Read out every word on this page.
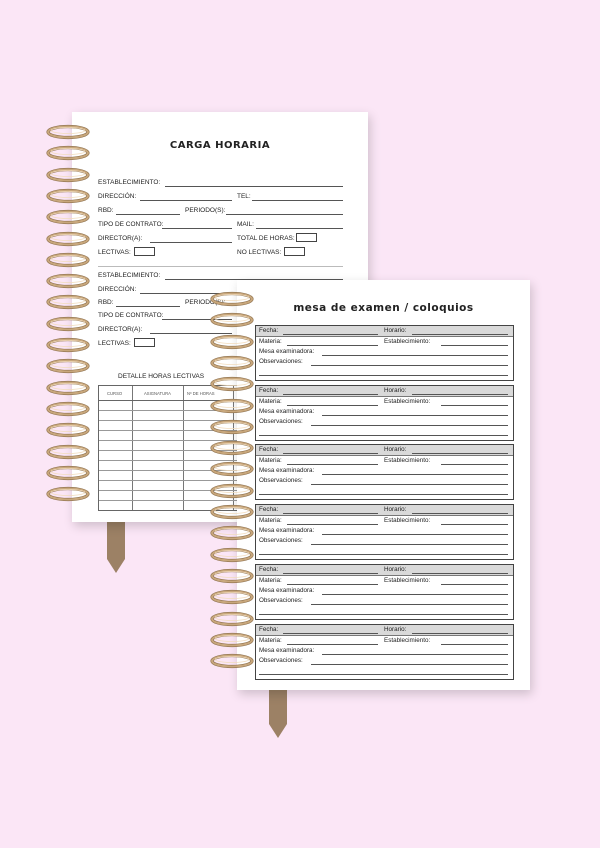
CARGA HORARIA
ESTABLECIMIENTO:
DIRECCIÓN:	TEL:
RBD:	PERIODO(S):
TIPO DE CONTRATO:	MAIL:
DIRECTOR(A):	TOTAL DE HORAS:
LECTIVAS:	NO LECTIVAS:
ESTABLECIMIENTO:
DIRECCIÓN:
RBD:	PERIODO(S):
TIPO DE CONTRATO:
DIRECTOR(A):
LECTIVAS:
DETALLE HORAS LECTIVAS
CURSO	ASIGNATURA	Nº DE HORAS
mesa de examen / coloquios
Fecha:	Horario:
Materia:	Establecimiento:
Mesa examinadora:
Observaciones:
Fecha:	Horario:
Materia:	Establecimiento:
Mesa examinadora:
Observaciones:
Fecha:	Horario:
Materia:	Establecimiento:
Mesa examinadora:
Observaciones:
Fecha:	Horario:
Materia:	Establecimiento:
Mesa examinadora:
Observaciones:
Fecha:	Horario:
Materia:	Establecimiento:
Mesa examinadora:
Observaciones:
Fecha:	Horario:
Materia:	Establecimiento:
Mesa examinadora:
Observaciones:
